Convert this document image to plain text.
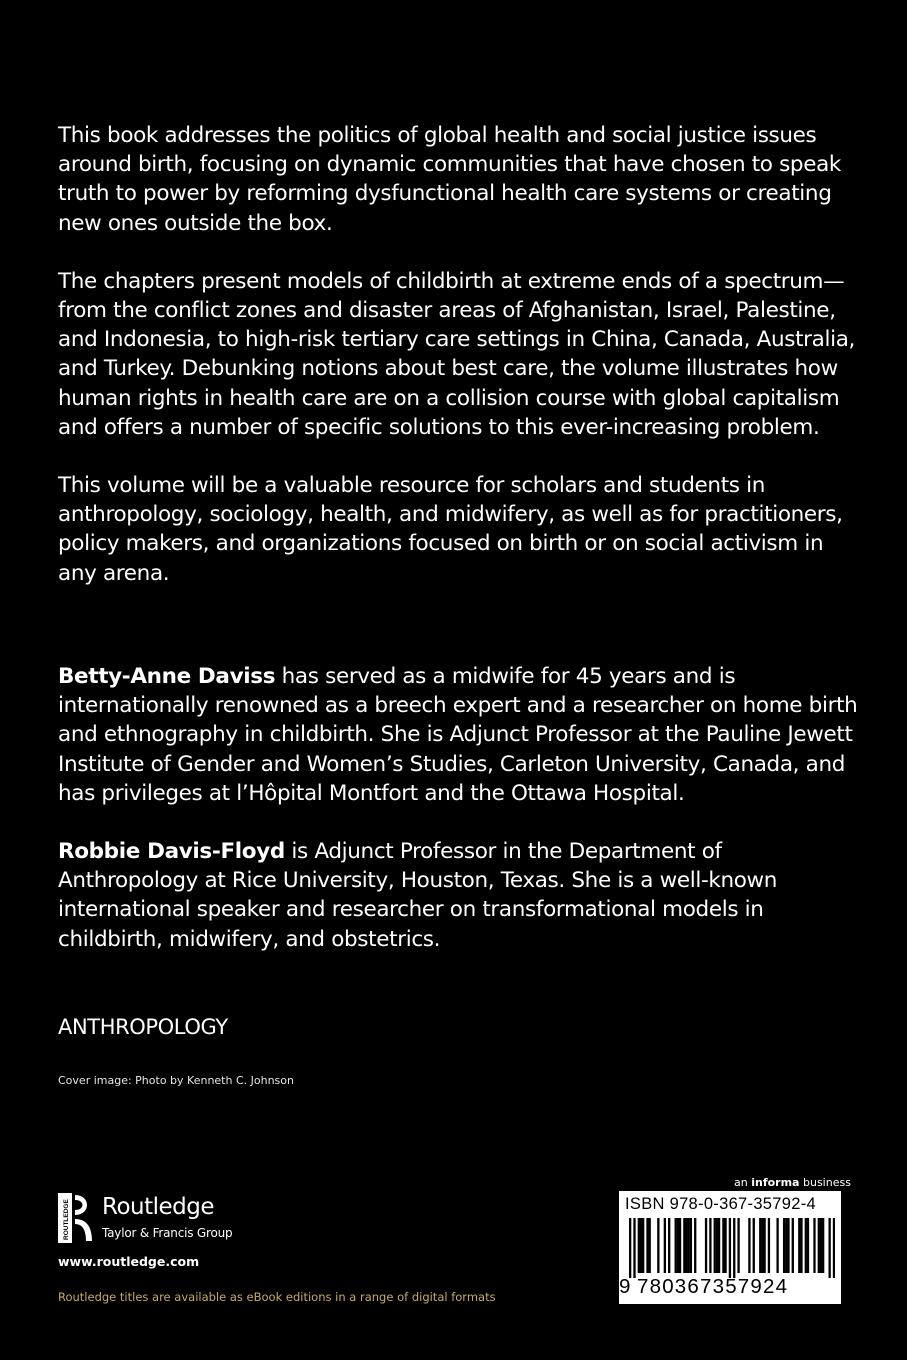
This book addresses the politics of global health and social justice issues around birth, focusing on dynamic communities that have chosen to speak truth to power by reforming dysfunctional health care systems or creating new ones outside the box.

The chapters present models of childbirth at extreme ends of a spectrum—from the conflict zones and disaster areas of Afghanistan, Israel, Palestine, and Indonesia, to high-risk tertiary care settings in China, Canada, Australia, and Turkey. Debunking notions about best care, the volume illustrates how human rights in health care are on a collision course with global capitalism and offers a number of specific solutions to this ever-increasing problem.

This volume will be a valuable resource for scholars and students in anthropology, sociology, health, and midwifery, as well as for practitioners, policy makers, and organizations focused on birth or on social activism in any arena.

Betty-Anne Daviss has served as a midwife for 45 years and is internationally renowned as a breech expert and a researcher on home birth and ethnography in childbirth. She is Adjunct Professor at the Pauline Jewett Institute of Gender and Women’s Studies, Carleton University, Canada, and has privileges at l’Hôpital Montfort and the Ottawa Hospital.

Robbie Davis-Floyd is Adjunct Professor in the Department of Anthropology at Rice University, Houston, Texas. She is a well-known international speaker and researcher on transformational models in childbirth, midwifery, and obstetrics.

ANTHROPOLOGY
Cover image: Photo by Kenneth C. Johnson
ROUTLEDGE Routledge
Taylor & Francis Group
www.routledge.com
Routledge titles are available as eBook editions in a range of digital formats
an informa business
ISBN 978-0-367-35792-4
9 780367357924
